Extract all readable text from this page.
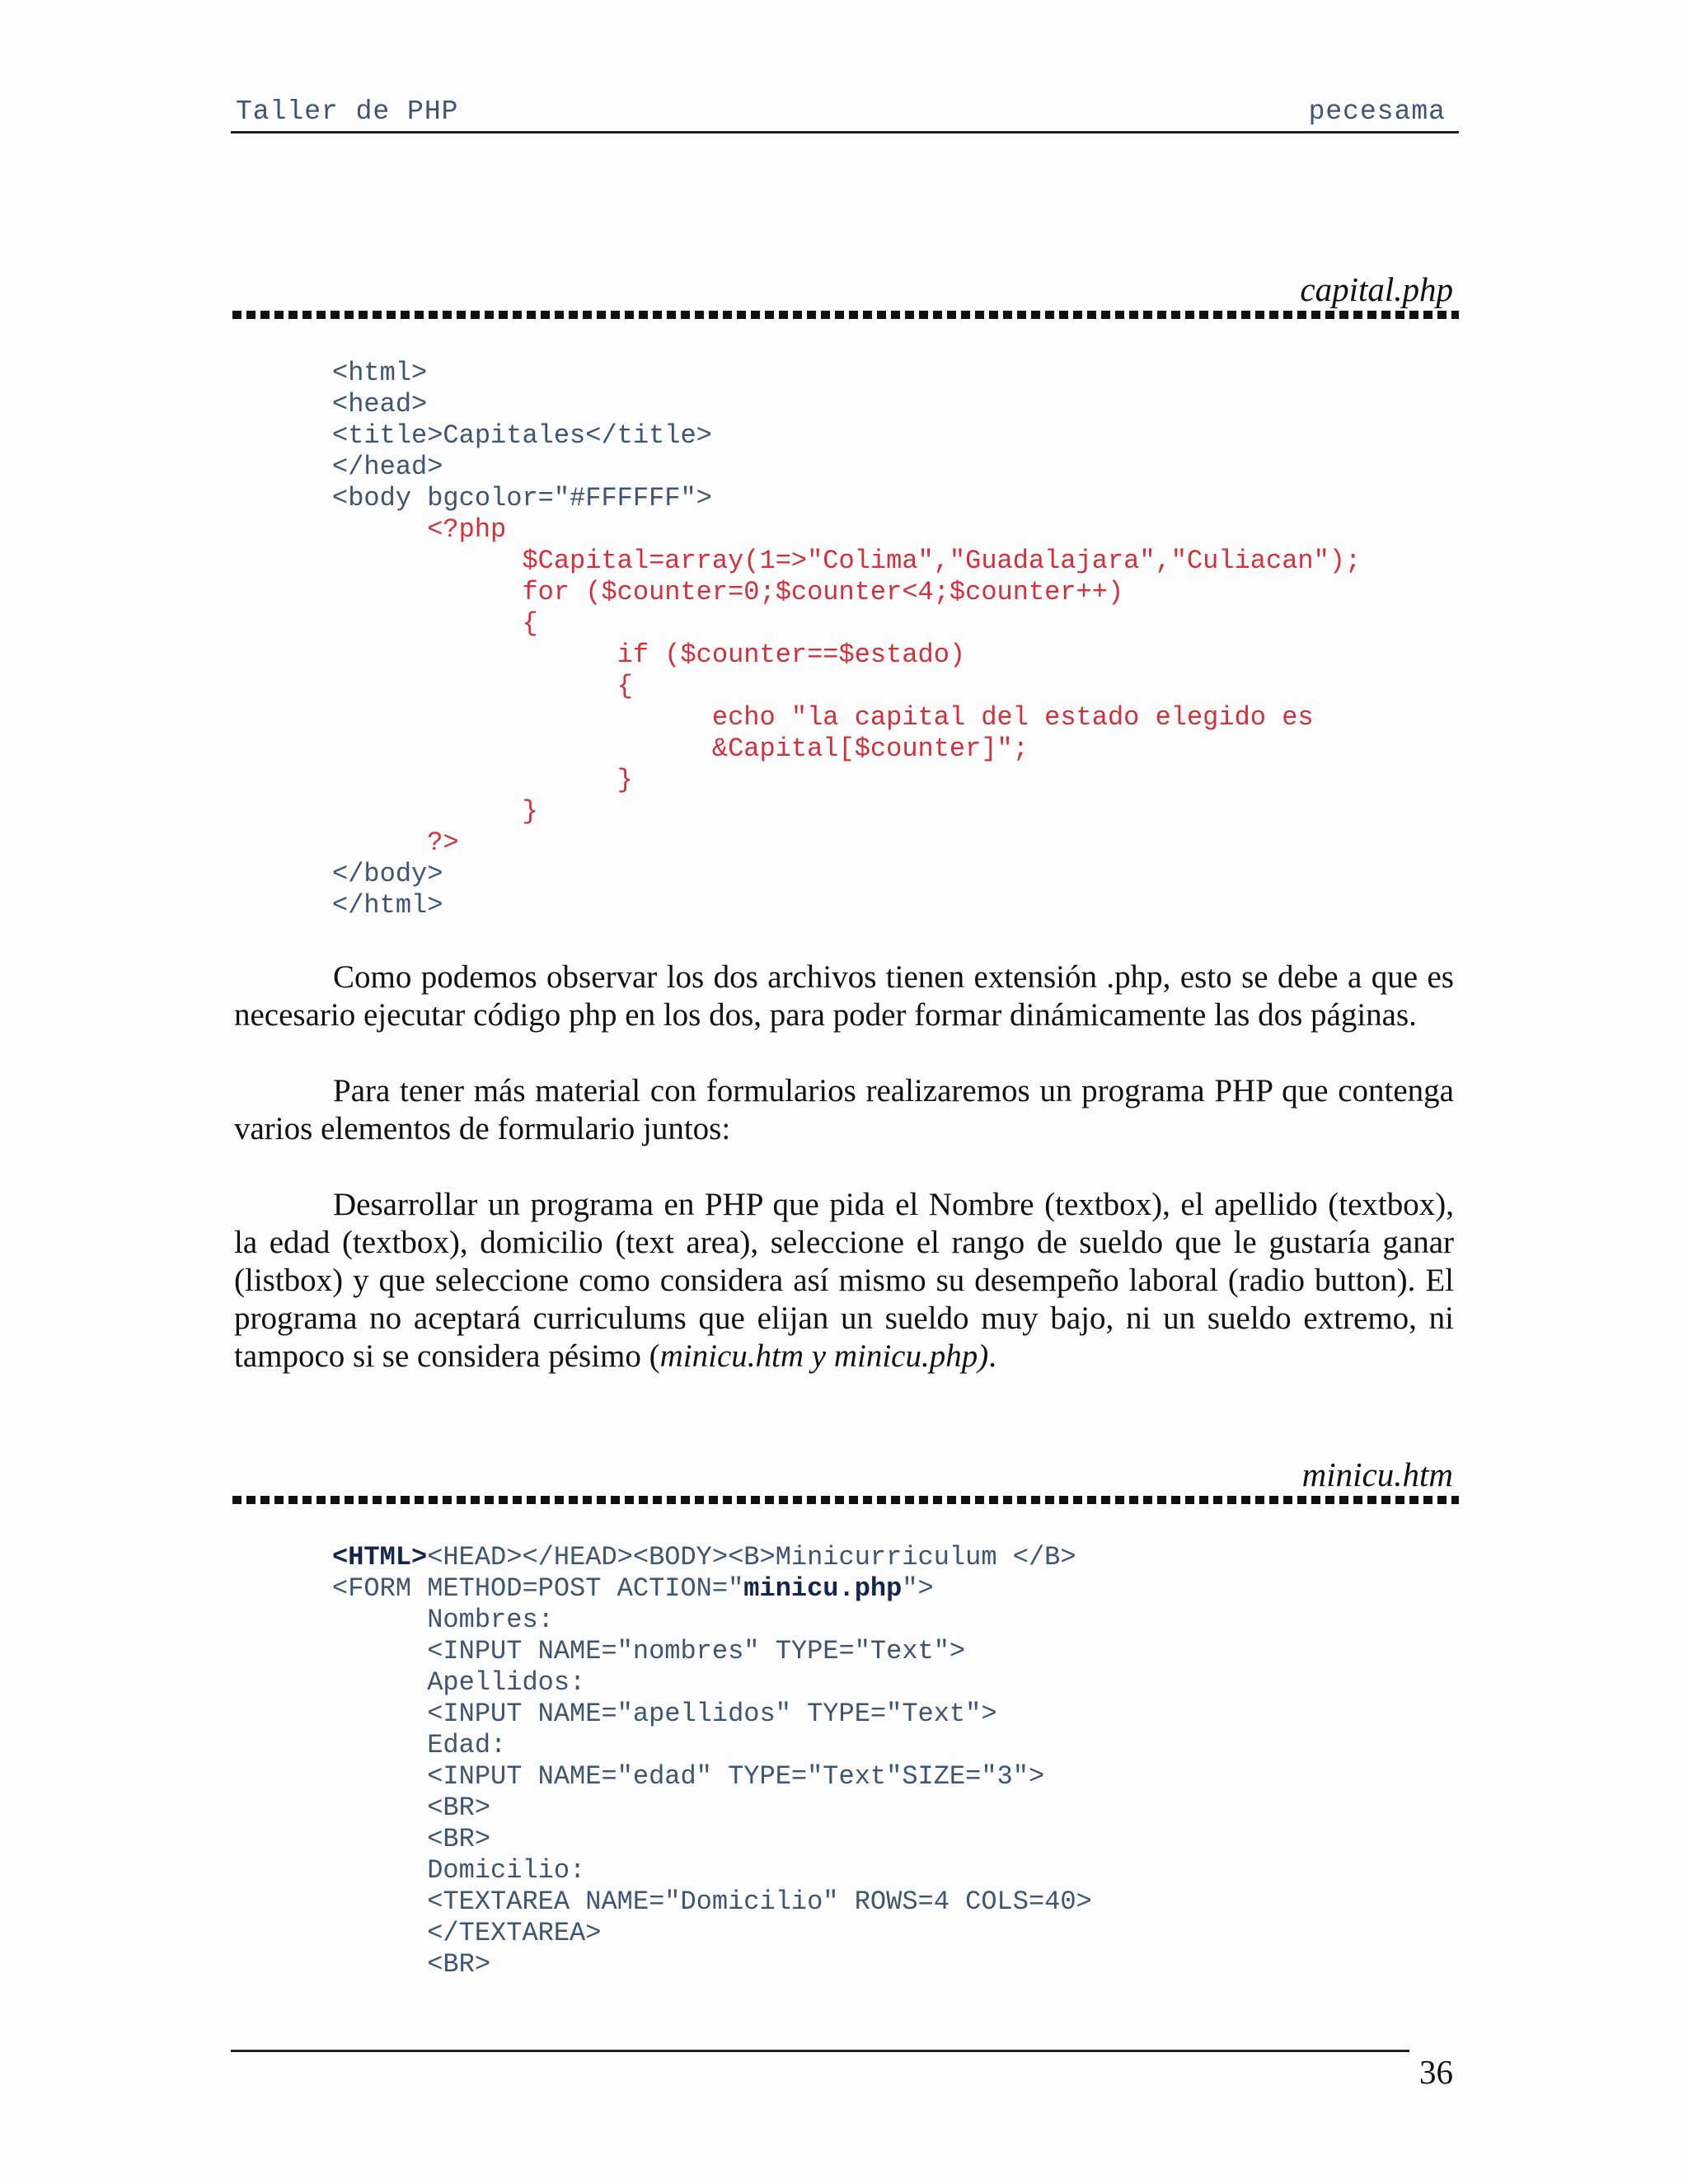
Taller de PHP	pecesama
capital.php
<html>
<head>
<title>Capitales</title>
</head>
<body bgcolor="#FFFFFF">
<?php
$Capital=array(1=>"Colima","Guadalajara","Culiacan");
for ($counter=0;$counter<4;$counter++)
{
if ($counter==$estado)
{
echo "la capital del estado elegido es
&Capital[$counter]";
}
}
?>
</body>
</html>

Como podemos observar los dos archivos tienen extensión .php, esto se debe a que es necesario ejecutar código php en los dos, para poder formar dinámicamente las dos páginas.

Para tener más material con formularios realizaremos un programa PHP que contenga varios elementos de formulario juntos:

Desarrollar un programa en PHP que pida el Nombre (textbox), el apellido (textbox), la edad (textbox), domicilio (text area), seleccione el rango de sueldo que le gustaría ganar (listbox) y que seleccione como considera así mismo su desempeño laboral (radio button). El programa no aceptará curriculums que elijan un sueldo muy bajo, ni un sueldo extremo, ni tampoco si se considera pésimo (minicu.htm y minicu.php).

minicu.htm
<HTML><HEAD></HEAD><BODY><B>Minicurriculum </B>
<FORM METHOD=POST ACTION="minicu.php">
Nombres:
<INPUT NAME="nombres" TYPE="Text">
Apellidos:
<INPUT NAME="apellidos" TYPE="Text">
Edad:
<INPUT NAME="edad" TYPE="Text"SIZE="3">
<BR>
<BR>
Domicilio:
<TEXTAREA NAME="Domicilio" ROWS=4 COLS=40>
</TEXTAREA>
<BR>
36
